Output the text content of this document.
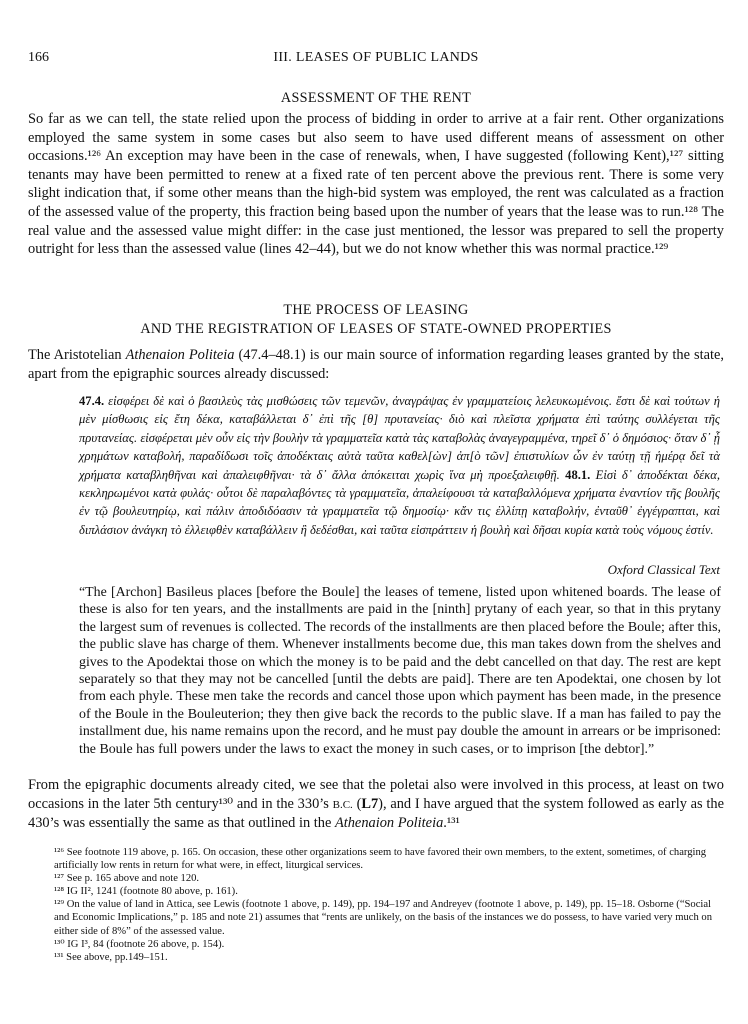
166	III. LEASES OF PUBLIC LANDS
ASSESSMENT OF THE RENT

So far as we can tell, the state relied upon the process of bidding in order to arrive at a fair rent. Other organizations employed the same system in some cases but also seem to have used different means of assessment on other occasions.¹²⁶ An exception may have been in the case of renewals, when, I have suggested (following Kent),¹²⁷ sitting tenants may have been permitted to renew at a fixed rate of ten percent above the previous rent. There is some very slight indication that, if some other means than the high-bid system was employed, the rent was calculated as a fraction of the assessed value of the property, this fraction being based upon the number of years that the lease was to run.¹²⁸ The real value and the assessed value might differ: in the case just mentioned, the lessor was prepared to sell the property outright for less than the assessed value (lines 42–44), but we do not know whether this was normal practice.¹²⁹

THE PROCESS OF LEASING
AND THE REGISTRATION OF LEASES OF STATE-OWNED PROPERTIES

The Aristotelian Athenaion Politeia (47.4–48.1) is our main source of information regarding leases granted by the state, apart from the epigraphic sources already discussed:

47.4. εἰσφέρει δὲ καὶ ὁ βασιλεὺς τὰς μισθώσεις τῶν τεμενῶν, ἀναγράψας ἐν γραμματείοις λελευκωμένοις. ἔστι δὲ καὶ τούτων ἡ μὲν μίσθωσις εἰς ἔτη δέκα, καταβάλλεται δ᾽ ἐπὶ τῆς [θ] πρυτανείας· διὸ καὶ πλεῖστα χρήματα ἐπὶ ταύτης συλλέγεται τῆς πρυτανείας. εἰσφέρεται μὲν οὖν εἰς τὴν βουλὴν τὰ γραμματεῖα κατὰ τὰς καταβολὰς ἀναγεγραμμένα, τηρεῖ δ᾽ ὁ δημόσιος· ὅταν δ᾽ ᾖ χρημάτων καταβολή, παραδίδωσι τοῖς ἀποδέκταις αὐτὰ ταῦτα καθελ[ὼν] ἀπ[ὸ τῶν] ἐπιστυλίων ὧν ἐν ταύτῃ τῇ ἡμέρᾳ δεῖ τὰ χρήματα καταβληθῆναι καὶ ἀπαλειφθῆναι· τὰ δ᾽ ἄλλα ἀπόκειται χωρὶς ἵνα μὴ προεξαλειφθῇ. 48.1. Εἰσὶ δ᾽ ἀποδέκται δέκα, κεκληρωμένοι κατὰ φυλάς· οὗτοι δὲ παραλαβόντες τὰ γραμματεῖα, ἀπαλείφουσι τὰ καταβαλλόμενα χρήματα ἐναντίον τῆς βουλῆς ἐν τῷ βουλευτηρίῳ, καὶ πάλιν ἀποδιδόασιν τὰ γραμματεῖα τῷ δημοσίῳ· κἄν τις ἐλλίπῃ καταβολήν, ἐνταῦθ᾽ ἐγγέγραπται, καὶ διπλάσιον ἀνάγκη τὸ ἐλλειφθὲν καταβάλλειν ἢ δεδέσθαι, καὶ ταῦτα εἰσπράττειν ἡ βουλὴ καὶ δῆσαι κυρία κατὰ τοὺς νόμους ἐστίν.

Oxford Classical Text

“The [Archon] Basileus places [before the Boule] the leases of temene, listed upon whitened boards. The lease of these is also for ten years, and the installments are paid in the [ninth] prytany of each year, so that in this prytany the largest sum of revenues is collected. The records of the installments are then placed before the Boule; after this, the public slave has charge of them. Whenever installments become due, this man takes down from the shelves and gives to the Apodektai those on which the money is to be paid and the debt cancelled on that day. The rest are kept separately so that they may not be cancelled [until the debts are paid]. There are ten Apodektai, one chosen by lot from each phyle. These men take the records and cancel those upon which payment has been made, in the presence of the Boule in the Bouleuterion; they then give back the records to the public slave. If a man has failed to pay the installment due, his name remains upon the record, and he must pay double the amount in arrears or be imprisoned: the Boule has full powers under the laws to exact the money in such cases, or to imprison [the debtor].”

From the epigraphic documents already cited, we see that the poletai also were involved in this process, at least on two occasions in the later 5th century¹³⁰ and in the 330’s B.C. (L7), and I have argued that the system followed as early as the 430’s was essentially the same as that outlined in the Athenaion Politeia.¹³¹

¹²⁶ See footnote 119 above, p. 165. On occasion, these other organizations seem to have favored their own members, to the extent, sometimes, of charging artificially low rents in return for what were, in effect, liturgical services.

¹²⁷ See p. 165 above and note 120.

¹²⁸ IG II², 1241 (footnote 80 above, p. 161).

¹²⁹ On the value of land in Attica, see Lewis (footnote 1 above, p. 149), pp. 194–197 and Andreyev (footnote 1 above, p. 149), pp. 15–18. Osborne (“Social and Economic Implications,” p. 185 and note 21) assumes that “rents are unlikely, on the basis of the instances we do possess, to have varied very much on either side of 8%” of the assessed value.

¹³⁰ IG I³, 84 (footnote 26 above, p. 154).

¹³¹ See above, pp.149–151.
